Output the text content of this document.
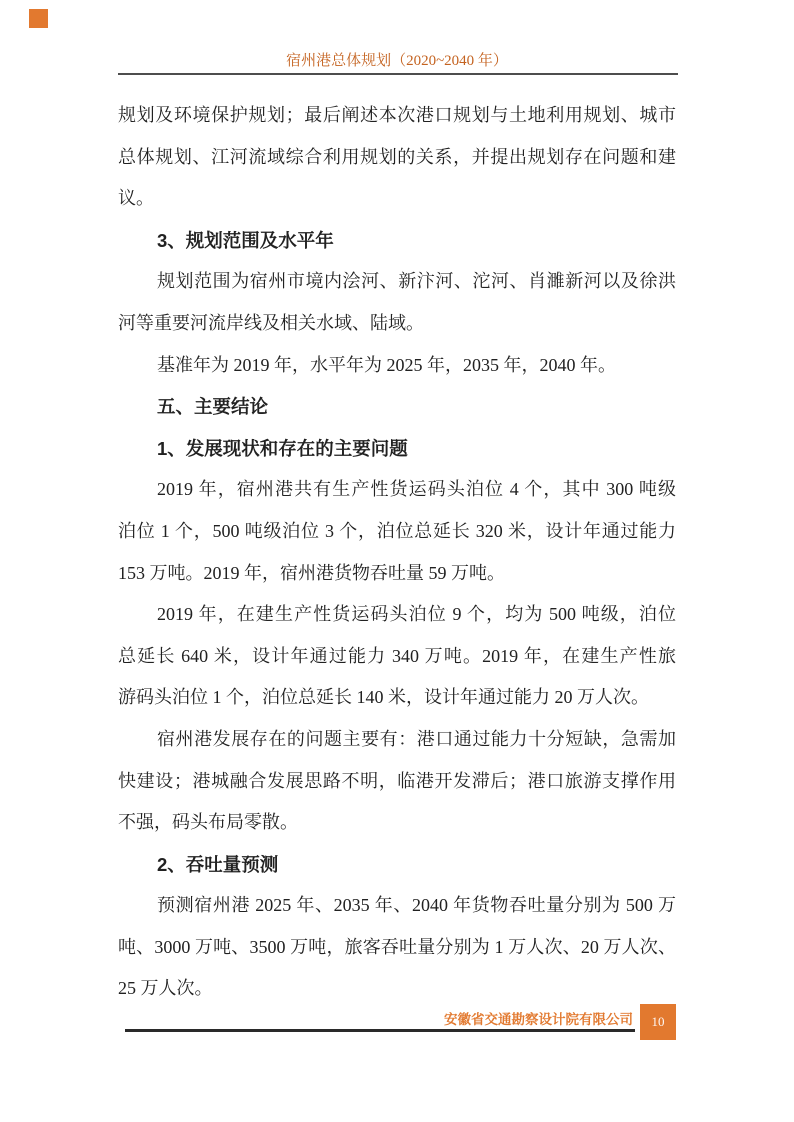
宿州港总体规划（2020~2040 年）
规划及环境保护规划；最后阐述本次港口规划与土地利用规划、城市
总体规划、江河流域综合利用规划的关系，并提出规划存在问题和建
议。
3、规划范围及水平年
规划范围为宿州市境内浍河、新汴河、沱河、肖濉新河以及徐洪
河等重要河流岸线及相关水域、陆域。
基准年为 2019 年，水平年为 2025 年，2035 年，2040 年。
五、主要结论
1、发展现状和存在的主要问题
2019 年，宿州港共有生产性货运码头泊位 4 个，其中 300 吨级
泊位 1 个，500 吨级泊位 3 个，泊位总延长 320 米，设计年通过能力
153 万吨。2019 年，宿州港货物吞吐量 59 万吨。
2019 年，在建生产性货运码头泊位 9 个，均为 500 吨级，泊位
总延长 640 米，设计年通过能力 340 万吨。2019 年，在建生产性旅
游码头泊位 1 个，泊位总延长 140 米，设计年通过能力 20 万人次。
宿州港发展存在的问题主要有：港口通过能力十分短缺，急需加
快建设；港城融合发展思路不明，临港开发滞后；港口旅游支撑作用
不强，码头布局零散。
2、吞吐量预测
预测宿州港 2025 年、2035 年、2040 年货物吞吐量分别为 500 万
吨、3000 万吨、3500 万吨，旅客吞吐量分别为 1 万人次、20 万人次、
25 万人次。
安徽省交通勘察设计院有限公司 10
